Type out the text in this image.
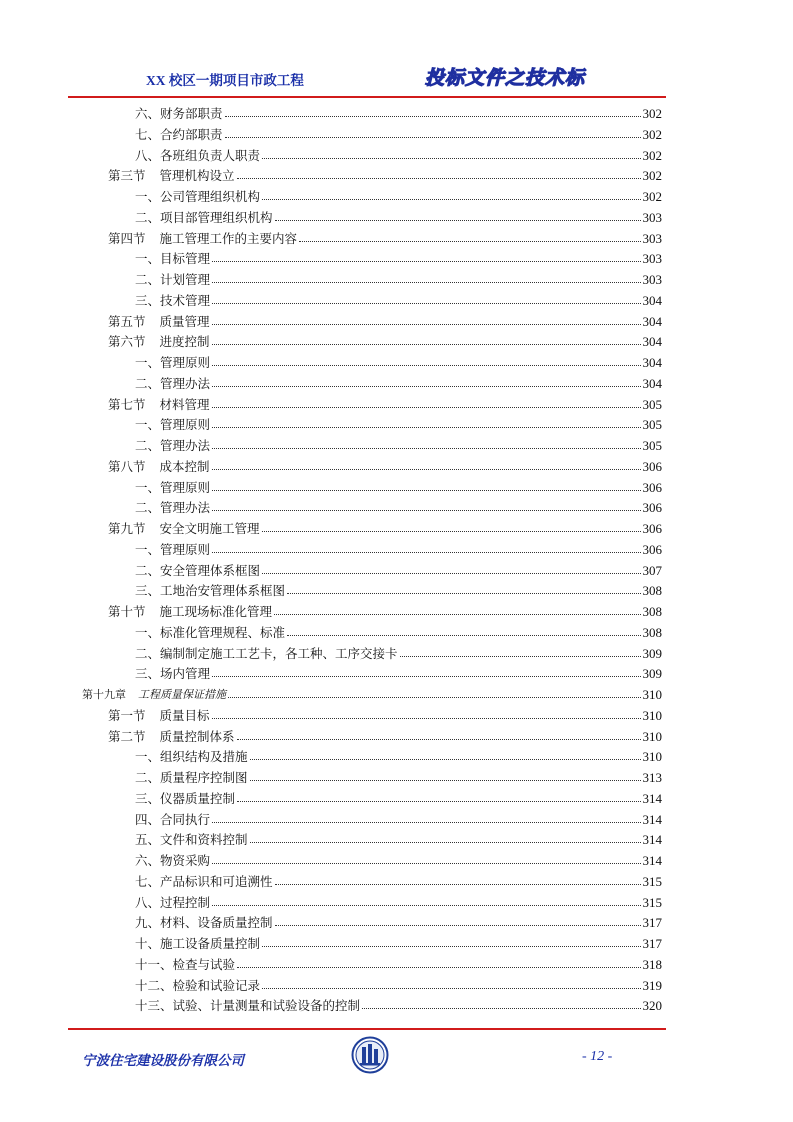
XX 校区一期项目市政工程	投标文件之技术标
六、 财务部职责	302
七、 合约部职责	302
八、 各班组负责人职责	302
第三节 管理机构设立	302
一、 公司管理组织机构	302
二、 项目部管理组织机构	303
第四节 施工管理工作的主要内容	303
一、 目标管理	303
二、 计划管理	303
三、 技术管理	304
第五节 质量管理	304
第六节 进度控制	304
一、 管理原则	304
二、 管理办法	304
第七节 材料管理	305
一、 管理原则	305
二、 管理办法	305
第八节 成本控制	306
一、 管理原则	306
二、 管理办法	306
第九节 安全文明施工管理	306
一、 管理原则	306
二、 安全管理体系框图	307
三、 工地治安管理体系框图	308
第十节 施工现场标准化管理	308
一、 标准化管理规程、标准	308
二、 编制制定施工工艺卡，各工种、工序交接卡	309
三、 场内管理	309
第十九章 工程质量保证措施	310
第一节 质量目标	310
第二节 质量控制体系	310
一、 组织结构及措施	310
二、 质量程序控制图	313
三、 仪器质量控制	314
四、 合同执行	314
五、 文件和资料控制	314
六、 物资采购	314
七、 产品标识和可追溯性	315
八、 过程控制	315
九、 材料、设备质量控制	317
十、 施工设备质量控制	317
十一、 检查与试验	318
十二、 检验和试验记录	319
十三、 试验、计量测量和试验设备的控制	320
宁波住宅建设股份有限公司	- 12 -
